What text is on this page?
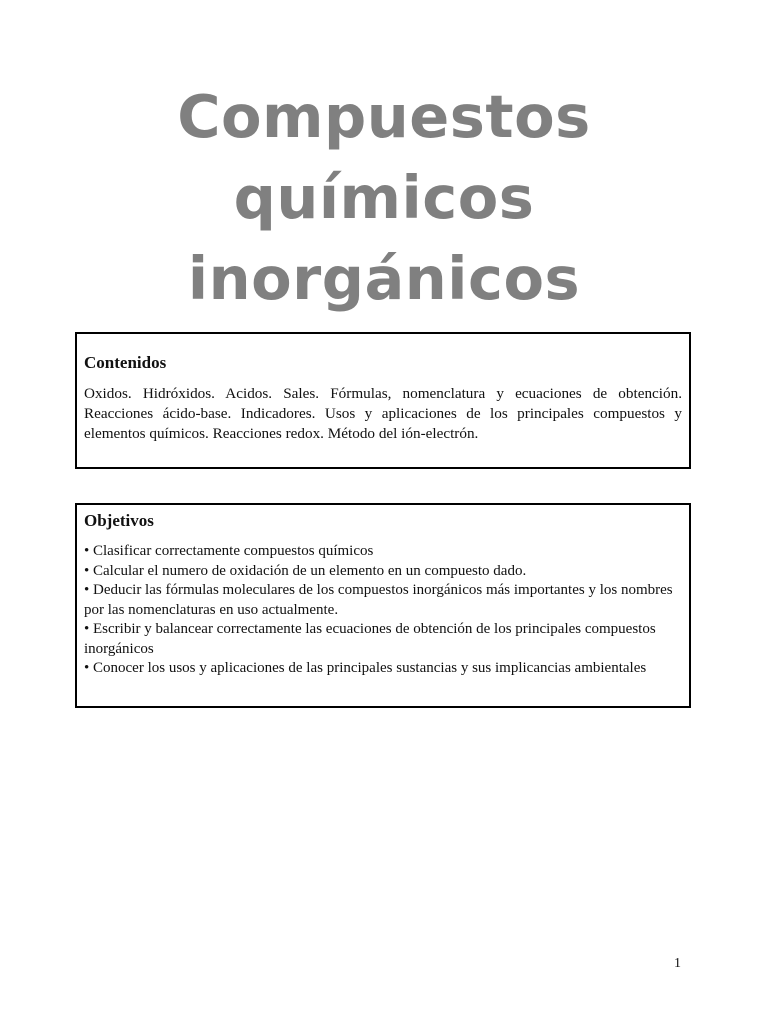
Compuestos
químicos
inorgánicos

Contenidos

Oxidos. Hidróxidos. Acidos. Sales. Fórmulas, nomenclatura y ecuaciones de obtención. Reacciones ácido-base. Indicadores. Usos y aplicaciones de los principales compuestos y elementos químicos. Reacciones redox. Método del ión-electrón.

Objetivos

• Clasificar correctamente compuestos químicos
• Calcular el numero de oxidación de un elemento en un compuesto dado.
• Deducir las fórmulas moleculares de los compuestos inorgánicos más importantes y los nombres por las nomenclaturas en uso actualmente.
• Escribir y balancear correctamente las ecuaciones de obtención de los principales compuestos inorgánicos
• Conocer los usos y aplicaciones de las principales sustancias y sus implicancias ambientales
1
